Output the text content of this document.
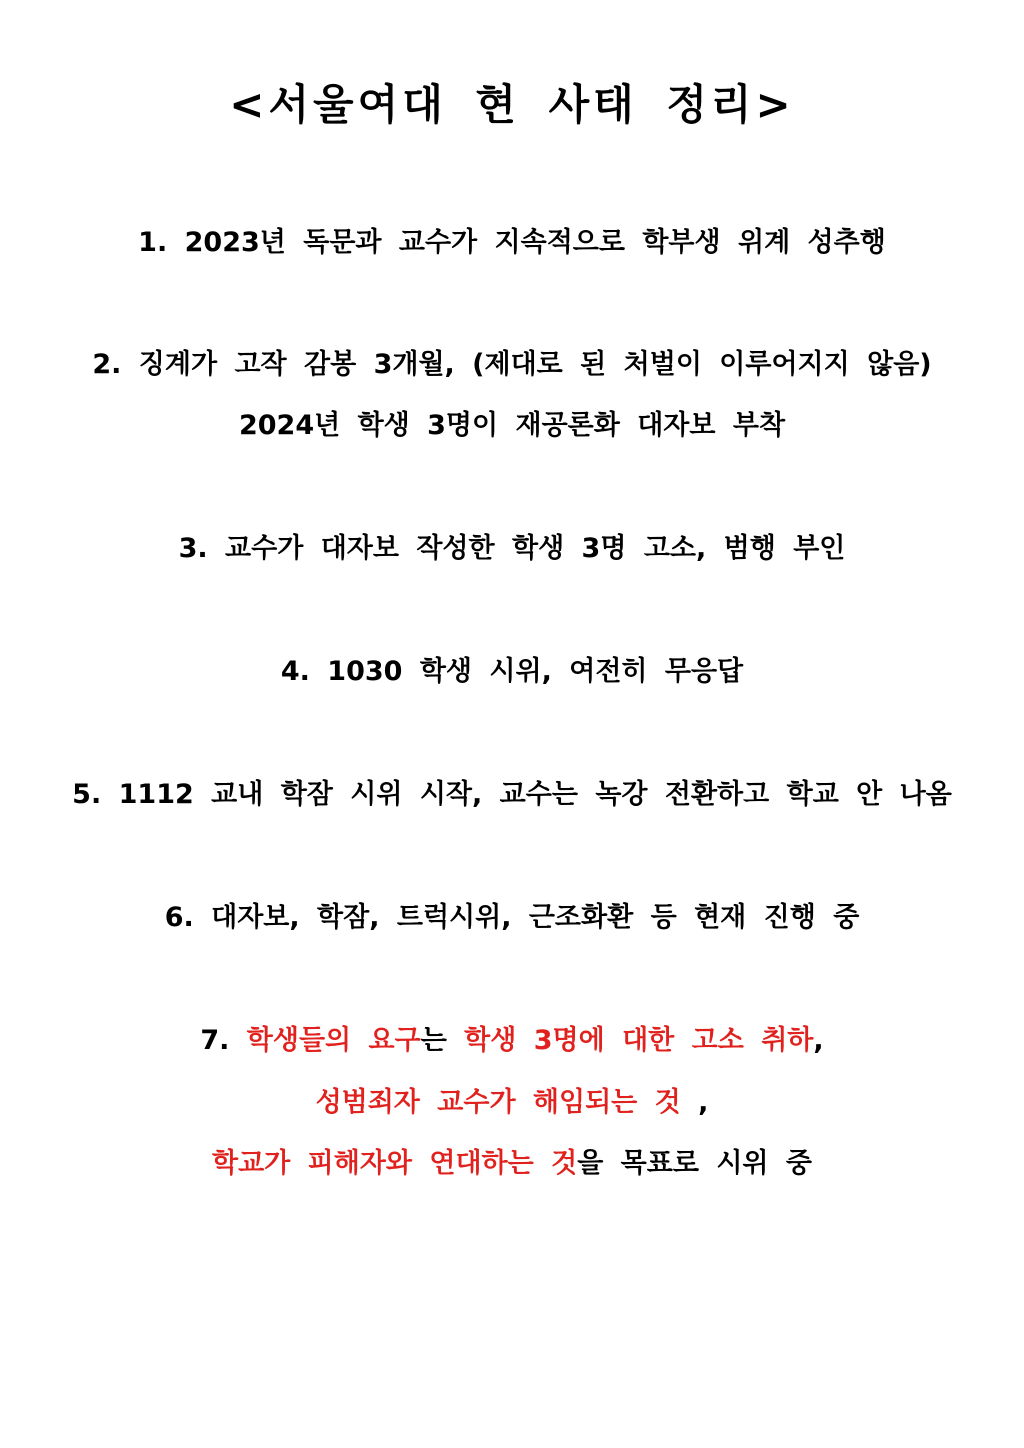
<서울여대 현 사태 정리>
1. 2023년 독문과 교수가 지속적으로 학부생 위계 성추행
2. 징계가 고작 감봉 3개월, (제대로 된 처벌이 이루어지지 않음)
2024년 학생 3명이 재공론화 대자보 부착
3. 교수가 대자보 작성한 학생 3명 고소, 범행 부인
4. 1030 학생 시위, 여전히 무응답
5. 1112 교내 학잠 시위 시작, 교수는 녹강 전환하고 학교 안 나옴
6. 대자보, 학잠, 트럭시위, 근조화환 등 현재 진행 중
7. 학생들의 요구는 학생 3명에 대한 고소 취하,
성범죄자 교수가 해임되는 것 ,
학교가 피해자와 연대하는 것을 목표로 시위 중
